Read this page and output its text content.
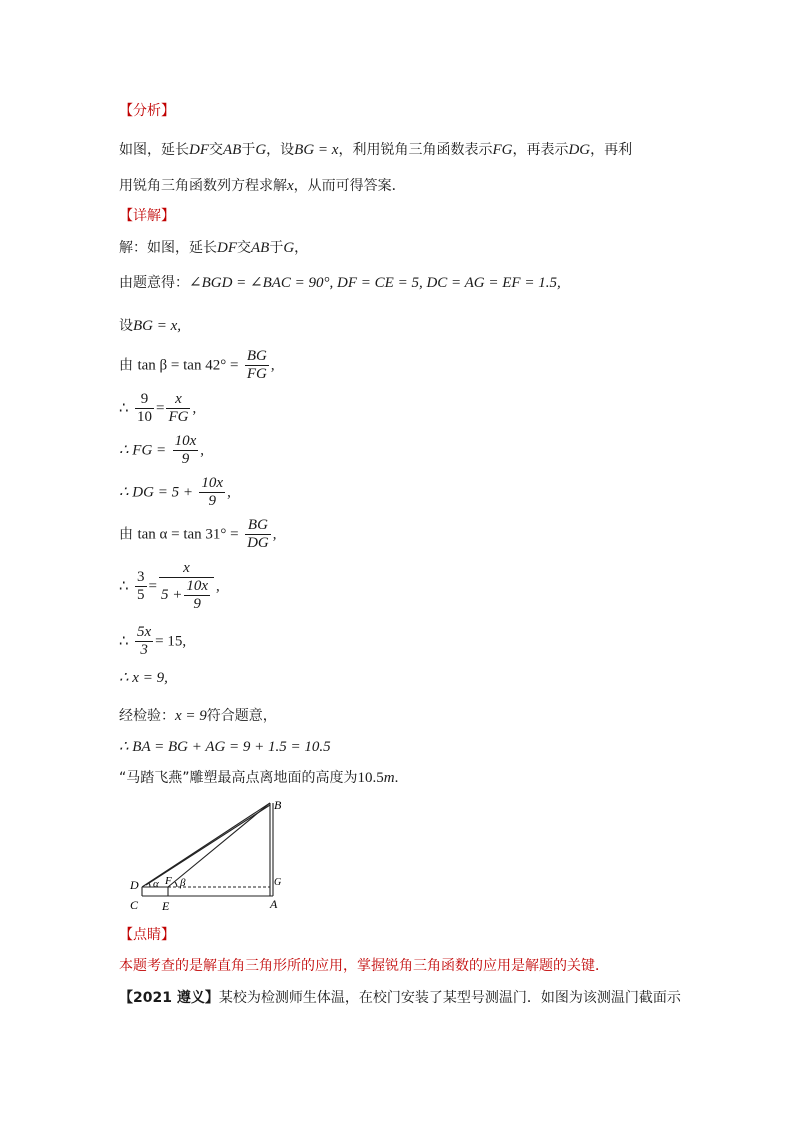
【分析】
如图，延长DF交AB于G，设BG = x，利用锐角三角函数表示FG，再表示DG，再利
用锐角三角函数列方程求解x，从而可得答案．
【详解】
解：如图，延长DF交AB于G，
由题意得：∠BGD = ∠BAC = 90°, DF = CE = 5, DC = AG = EF = 1.5,
设BG = x,
由 $\tan \beta = \tan 42^\circ = \frac{BG}{FG}$ ,
∴ $\frac{9}{10} = \frac{x}{FG}$ ,
∴ FG = $\frac{10x}{9}$ ,
∴ DG = $5 + \frac{10x}{9}$ ,
由 $\tan \alpha = \tan 31^\circ = \frac{BG}{DG}$ ,
∴ $\frac{3}{5} = \frac{x}{5 + \frac{10x}{9}}$ ,
∴ $\frac{5x}{3} = 15$,
∴ x = 9,
经检验：x = 9符合题意，
∴ BA = BG + AG = 9 + 1.5 = 10.5
“马踏飞燕”雕塑最高点离地面的高度为10.5m.
B
D F
α β	G
C E	A
【点睛】
本题考查的是解直角三角形所的应用，掌握锐角三角函数的应用是解题的关键．
【2021 遵义】某校为检测师生体温，在校门安装了某型号测温门．如图为该测温门截面示
